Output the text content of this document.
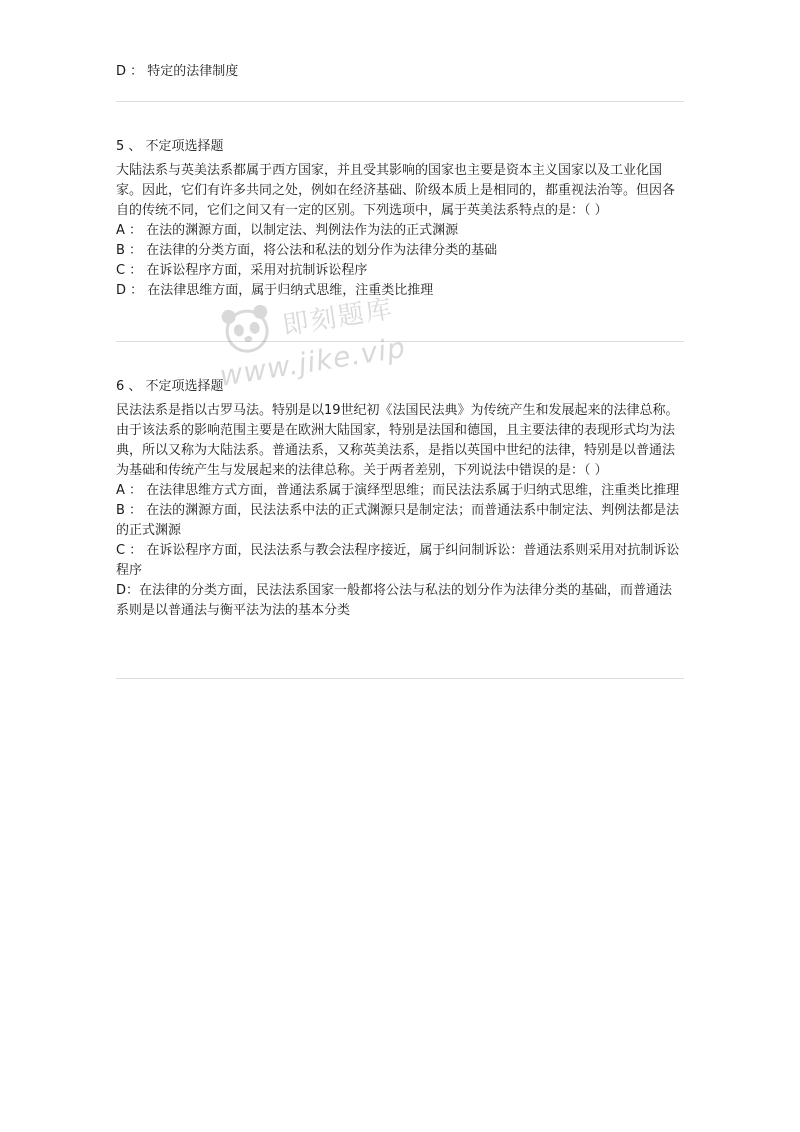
D ： 特定的法律制度

5 、 不定项选择题

大陆法系与英美法系都属于西方国家，并且受其影响的国家也主要是资本主义国家以及工业化国家。因此，它们有许多共同之处，例如在经济基础、阶级本质上是相同的，都重视法治等。但因各自的传统不同，它们之间又有一定的区别。下列选项中，属于英美法系特点的是：（ ）

A ： 在法的渊源方面，以制定法、判例法作为法的正式渊源

B ： 在法律的分类方面，将公法和私法的划分作为法律分类的基础

C ： 在诉讼程序方面，采用对抗制诉讼程序

D ： 在法律思维方面，属于归纳式思维，注重类比推理

6 、 不定项选择题

民法法系是指以古罗马法。特别是以19世纪初《法国民法典》为传统产生和发展起来的法律总称。由于该法系的影响范围主要是在欧洲大陆国家，特别是法国和德国，且主要法律的表现形式均为法典，所以又称为大陆法系。普通法系，又称英美法系，是指以英国中世纪的法律，特别是以普通法为基础和传统产生与发展起来的法律总称。关于两者差别，下列说法中错误的是：（ ）

A ： 在法律思维方式方面，普通法系属于演绎型思维；而民法法系属于归纳式思维，注重类比推理

B ： 在法的渊源方面，民法法系中法的正式渊源只是制定法；而普通法系中制定法、判例法都是法的正式渊源

C ： 在诉讼程序方面，民法法系与教会法程序接近，属于纠问制诉讼：普通法系则采用对抗制诉讼程序

D：在法律的分类方面，民法法系国家一般都将公法与私法的划分作为法律分类的基础，而普通法系则是以普通法与衡平法为法的基本分类

即刻题库
www.jike.vip
